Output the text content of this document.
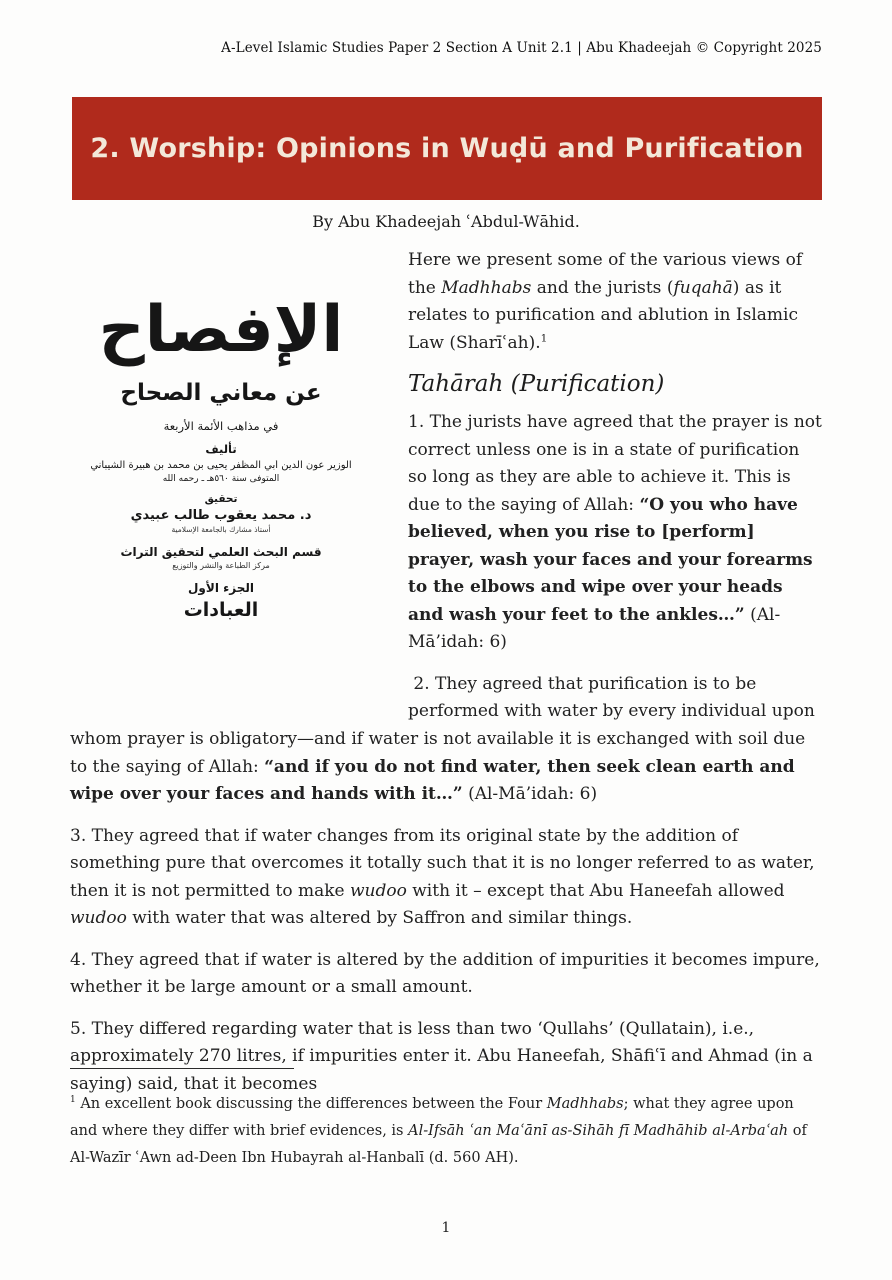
A-Level Islamic Studies Paper 2 Section A Unit 2.1 | Abu Khadeejah © Copyright 2025
2. Worship: Opinions in Wuḍū and Purification
By Abu Khadeejah ʿAbdul-Wāhid.
الإفصاح
عن معاني الصحاح
في مذاهب الأئمة الأربعة
تأليف
الوزير عون الدين أبي المظفر يحيى بن محمد بن هبيرة الشيباني
المتوفى سنة ٥٦٠هـ ـ رحمه الله
تحقيق
د. محمد يعقوب طالب عبيدي
أستاذ مشارك بالجامعة الإسلامية
قسم البحث العلمي لتحقيق التراث
مركز الطباعة والنشر والتوزيع
الجزء الأول
العبادات

Here we present some of the various views of the Madhhabs and the jurists (fuqahā) as it relates to purification and ablution in Islamic Law (Sharīʿah).$^1$

Tahārah (Purification)

1. The jurists have agreed that the prayer is not correct unless one is in a state of purification so long as they are able to achieve it. This is due to the saying of Allah: “O you who have believed, when you rise to [perform] prayer, wash your faces and your forearms to the elbows and wipe over your heads and wash your feet to the ankles…” (Al-Mā’idah: 6)

2. They agreed that purification is to be performed with water by every individual upon whom prayer is obligatory—and if water is not available it is exchanged with soil due to the saying of Allah: “and if you do not find water, then seek clean earth and wipe over your faces and hands with it…” (Al-Mā’idah: 6)

3. They agreed that if water changes from its original state by the addition of something pure that overcomes it totally such that it is no longer referred to as water, then it is not permitted to make wudoo with it – except that Abu Haneefah allowed wudoo with water that was altered by Saffron and similar things.

4. They agreed that if water is altered by the addition of impurities it becomes impure, whether it be large amount or a small amount.

5. They differed regarding water that is less than two ‘Qullahs’ (Qullatain), i.e., approximately 270 litres, if impurities enter it. Abu Haneefah, Shāfiʿī and Ahmad (in a saying) said, that it becomes

$^1$ An excellent book discussing the differences between the Four Madhhabs; what they agree upon and where they differ with brief evidences, is Al-Ifsāh ʿan Maʿānī as-Sihāh fī Madhāhib al-Arbaʿah of Al-Wazīr ʿAwn ad-Deen Ibn Hubayrah al-Hanbalī (d. 560 AH).

1
